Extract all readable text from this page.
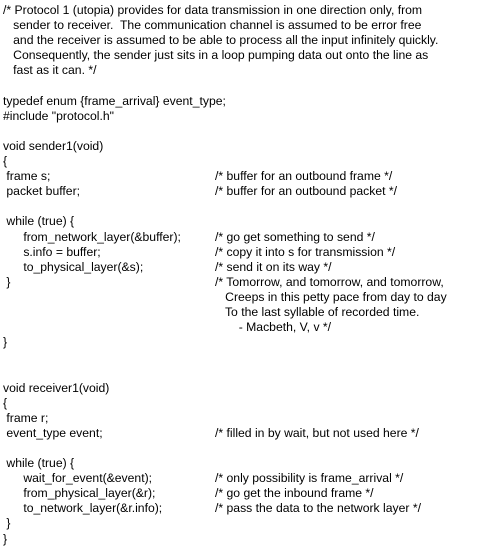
/* Protocol 1 (utopia) provides for data transmission in one direction only, from
sender to receiver.  The communication channel is assumed to be error free
and the receiver is assumed to be able to process all the input infinitely quickly.
Consequently, the sender just sits in a loop pumping data out onto the line as
fast as it can. */
typedef enum {frame_arrival} event_type;
#include "protocol.h"
void sender1(void)
{
frame s;	/* buffer for an outbound frame */
packet buffer;	/* buffer for an outbound packet */
while (true) {
from_network_layer(&buffer);	/* go get something to send */
s.info = buffer;	/* copy it into s for transmission */
to_physical_layer(&s);	/* send it on its way */
}	/* Tomorrow, and tomorrow, and tomorrow,
Creeps in this petty pace from day to day
To the last syllable of recorded time.
- Macbeth, V, v */
}
void receiver1(void)
{
frame r;
event_type event;	/* filled in by wait, but not used here */
while (true) {
wait_for_event(&event);	/* only possibility is frame_arrival */
from_physical_layer(&r);	/* go get the inbound frame */
to_network_layer(&r.info);	/* pass the data to the network layer */
}
}
